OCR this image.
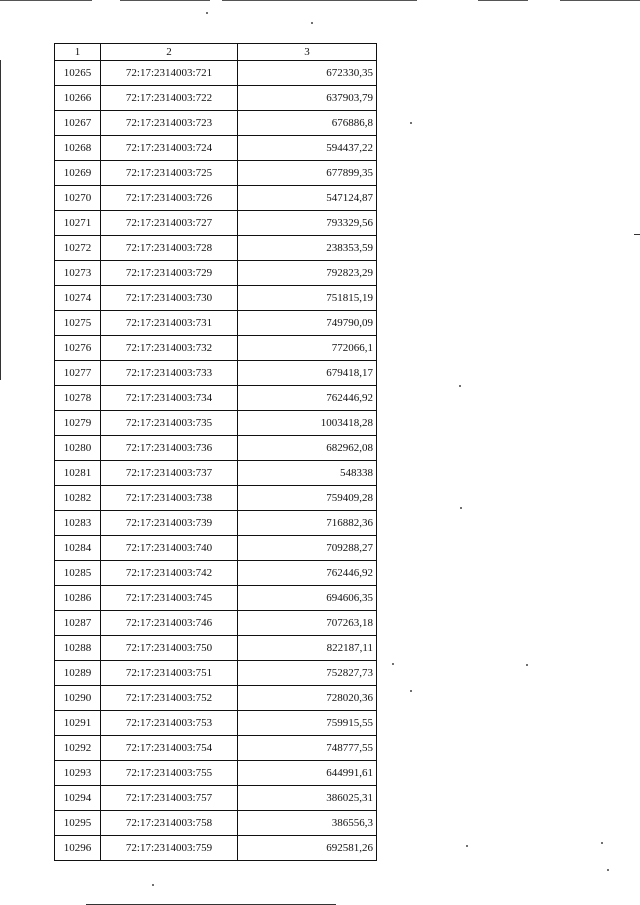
1	2	3
10265	72:17:2314003:721	672330,35
10266	72:17:2314003:722	637903,79
10267	72:17:2314003:723	676886,8
10268	72:17:2314003:724	594437,22
10269	72:17:2314003:725	677899,35
10270	72:17:2314003:726	547124,87
10271	72:17:2314003:727	793329,56
10272	72:17:2314003:728	238353,59
10273	72:17:2314003:729	792823,29
10274	72:17:2314003:730	751815,19
10275	72:17:2314003:731	749790,09
10276	72:17:2314003:732	772066,1
10277	72:17:2314003:733	679418,17
10278	72:17:2314003:734	762446,92
10279	72:17:2314003:735	1003418,28
10280	72:17:2314003:736	682962,08
10281	72:17:2314003:737	548338
10282	72:17:2314003:738	759409,28
10283	72:17:2314003:739	716882,36
10284	72:17:2314003:740	709288,27
10285	72:17:2314003:742	762446,92
10286	72:17:2314003:745	694606,35
10287	72:17:2314003:746	707263,18
10288	72:17:2314003:750	822187,11
10289	72:17:2314003:751	752827,73
10290	72:17:2314003:752	728020,36
10291	72:17:2314003:753	759915,55
10292	72:17:2314003:754	748777,55
10293	72:17:2314003:755	644991,61
10294	72:17:2314003:757	386025,31
10295	72:17:2314003:758	386556,3
10296	72:17:2314003:759	692581,26
